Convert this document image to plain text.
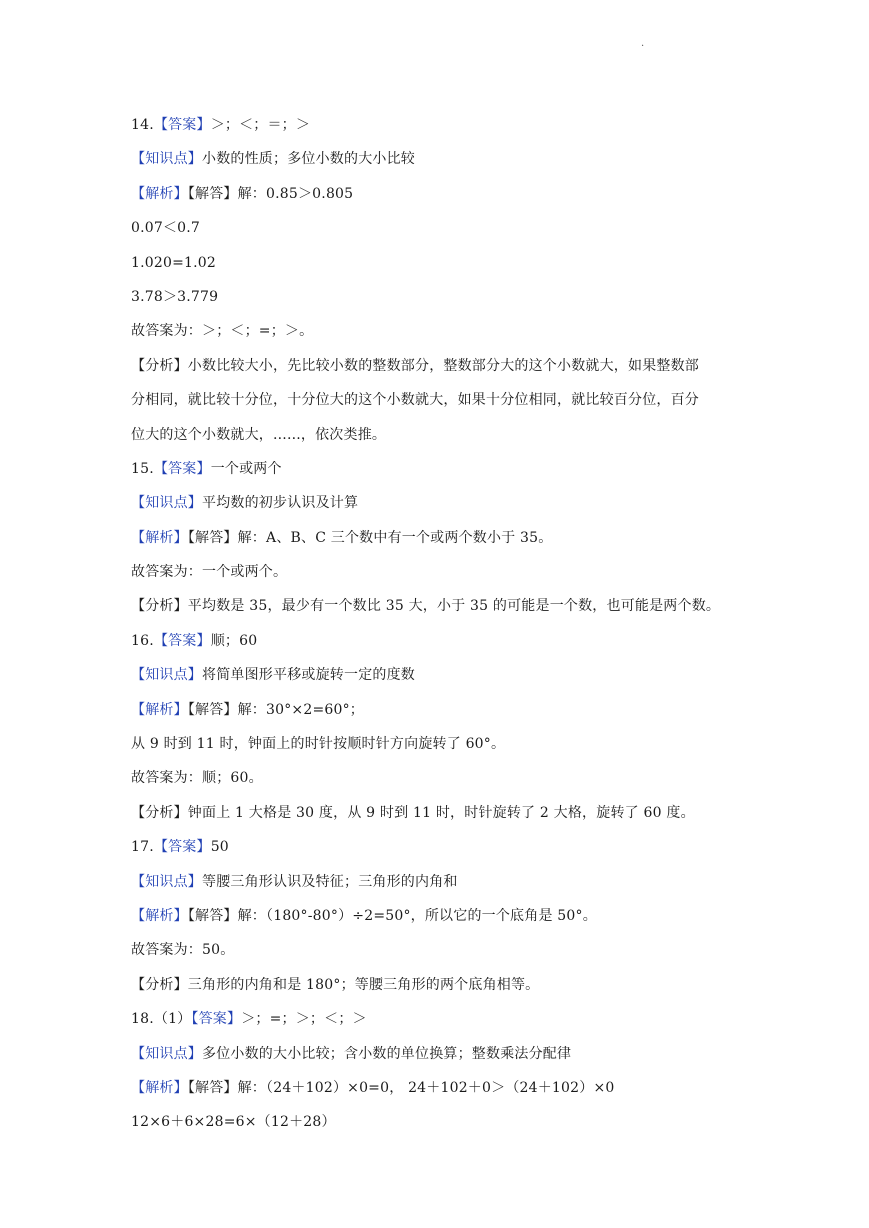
.
14.【答案】＞；＜；＝；＞
【知识点】小数的性质；多位小数的大小比较
【解析】【解答】解：0.85＞0.805
0.07＜0.7
1.020=1.02
3.78＞3.779
故答案为：＞；＜；=；＞。
【分析】小数比较大小，先比较小数的整数部分，整数部分大的这个小数就大，如果整数部
分相同，就比较十分位，十分位大的这个小数就大，如果十分位相同，就比较百分位，百分
位大的这个小数就大，......，依次类推。
15.【答案】一个或两个
【知识点】平均数的初步认识及计算
【解析】【解答】解：A、B、C 三个数中有一个或两个数小于 35。
故答案为：一个或两个。
【分析】平均数是 35，最少有一个数比 35 大，小于 35 的可能是一个数，也可能是两个数。
16.【答案】顺；60
【知识点】将简单图形平移或旋转一定的度数
【解析】【解答】解：30°×2=60°；
从 9 时到 11 时，钟面上的时针按顺时针方向旋转了 60°。
故答案为：顺；60。
【分析】钟面上 1 大格是 30 度，从 9 时到 11 时，时针旋转了 2 大格，旋转了 60 度。
17.【答案】50
【知识点】等腰三角形认识及特征；三角形的内角和
【解析】【解答】解：（180°-80°）÷2=50°，所以它的一个底角是 50°。
故答案为：50。
【分析】三角形的内角和是 180°；等腰三角形的两个底角相等。
18.（1）【答案】＞；=；＞；＜；＞
【知识点】多位小数的大小比较；含小数的单位换算；整数乘法分配律
【解析】【解答】解：（24＋102）×0=0， 24＋102＋0＞（24＋102）×0
12×6＋6×28=6×（12＋28）
